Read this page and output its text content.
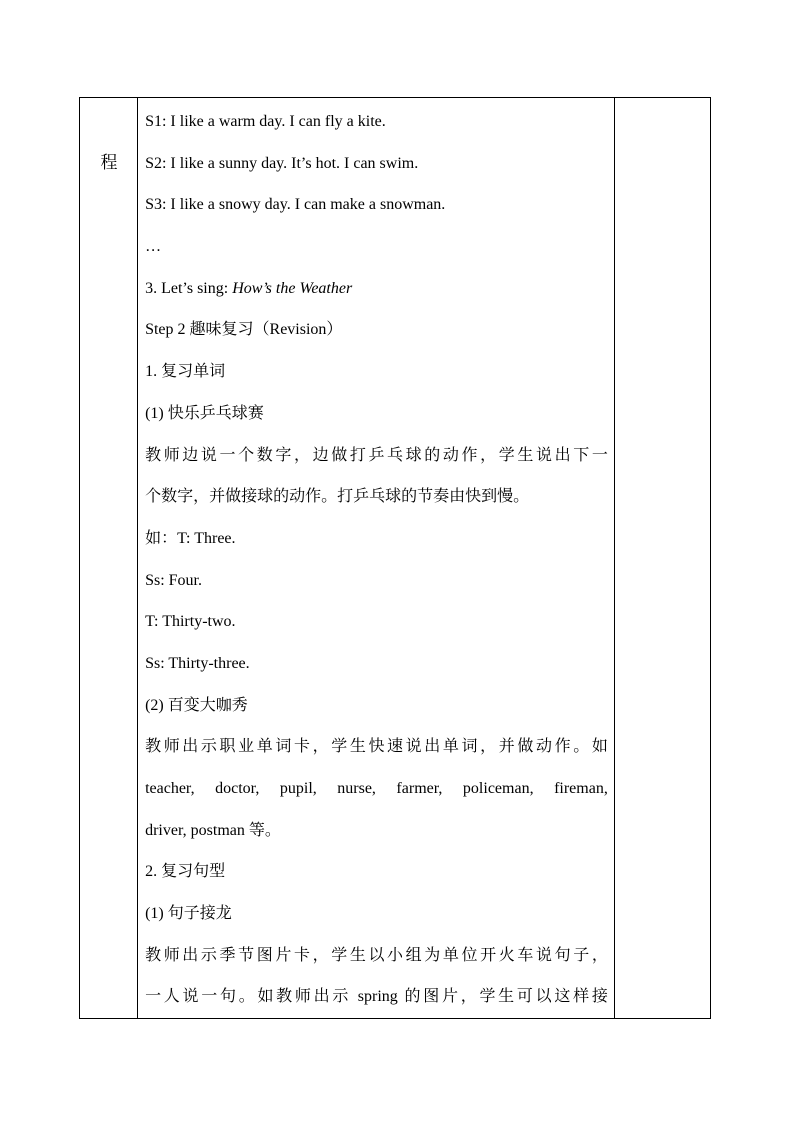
程

S1: I like a warm day. I can fly a kite.
S2: I like a sunny day. It’s hot. I can swim.
S3: I like a snowy day. I can make a snowman.
…
3. Let’s sing: How’s the Weather
Step 2 趣味复习（Revision）
1. 复习单词
(1) 快乐乒乓球赛
教师边说一个数字，边做打乒乓球的动作，学生说出下一
个数字，并做接球的动作。打乒乓球的节奏由快到慢。
如：T: Three.
Ss: Four.
T: Thirty-two.
Ss: Thirty-three.
(2) 百变大咖秀
教师出示职业单词卡，学生快速说出单词，并做动作。如
teacher, doctor, pupil, nurse, farmer, policeman, fireman,
driver, postman 等。
2. 复习句型
(1) 句子接龙
教师出示季节图片卡，学生以小组为单位开火车说句子，
一人说一句。如教师出示 spring 的图片，学生可以这样接
